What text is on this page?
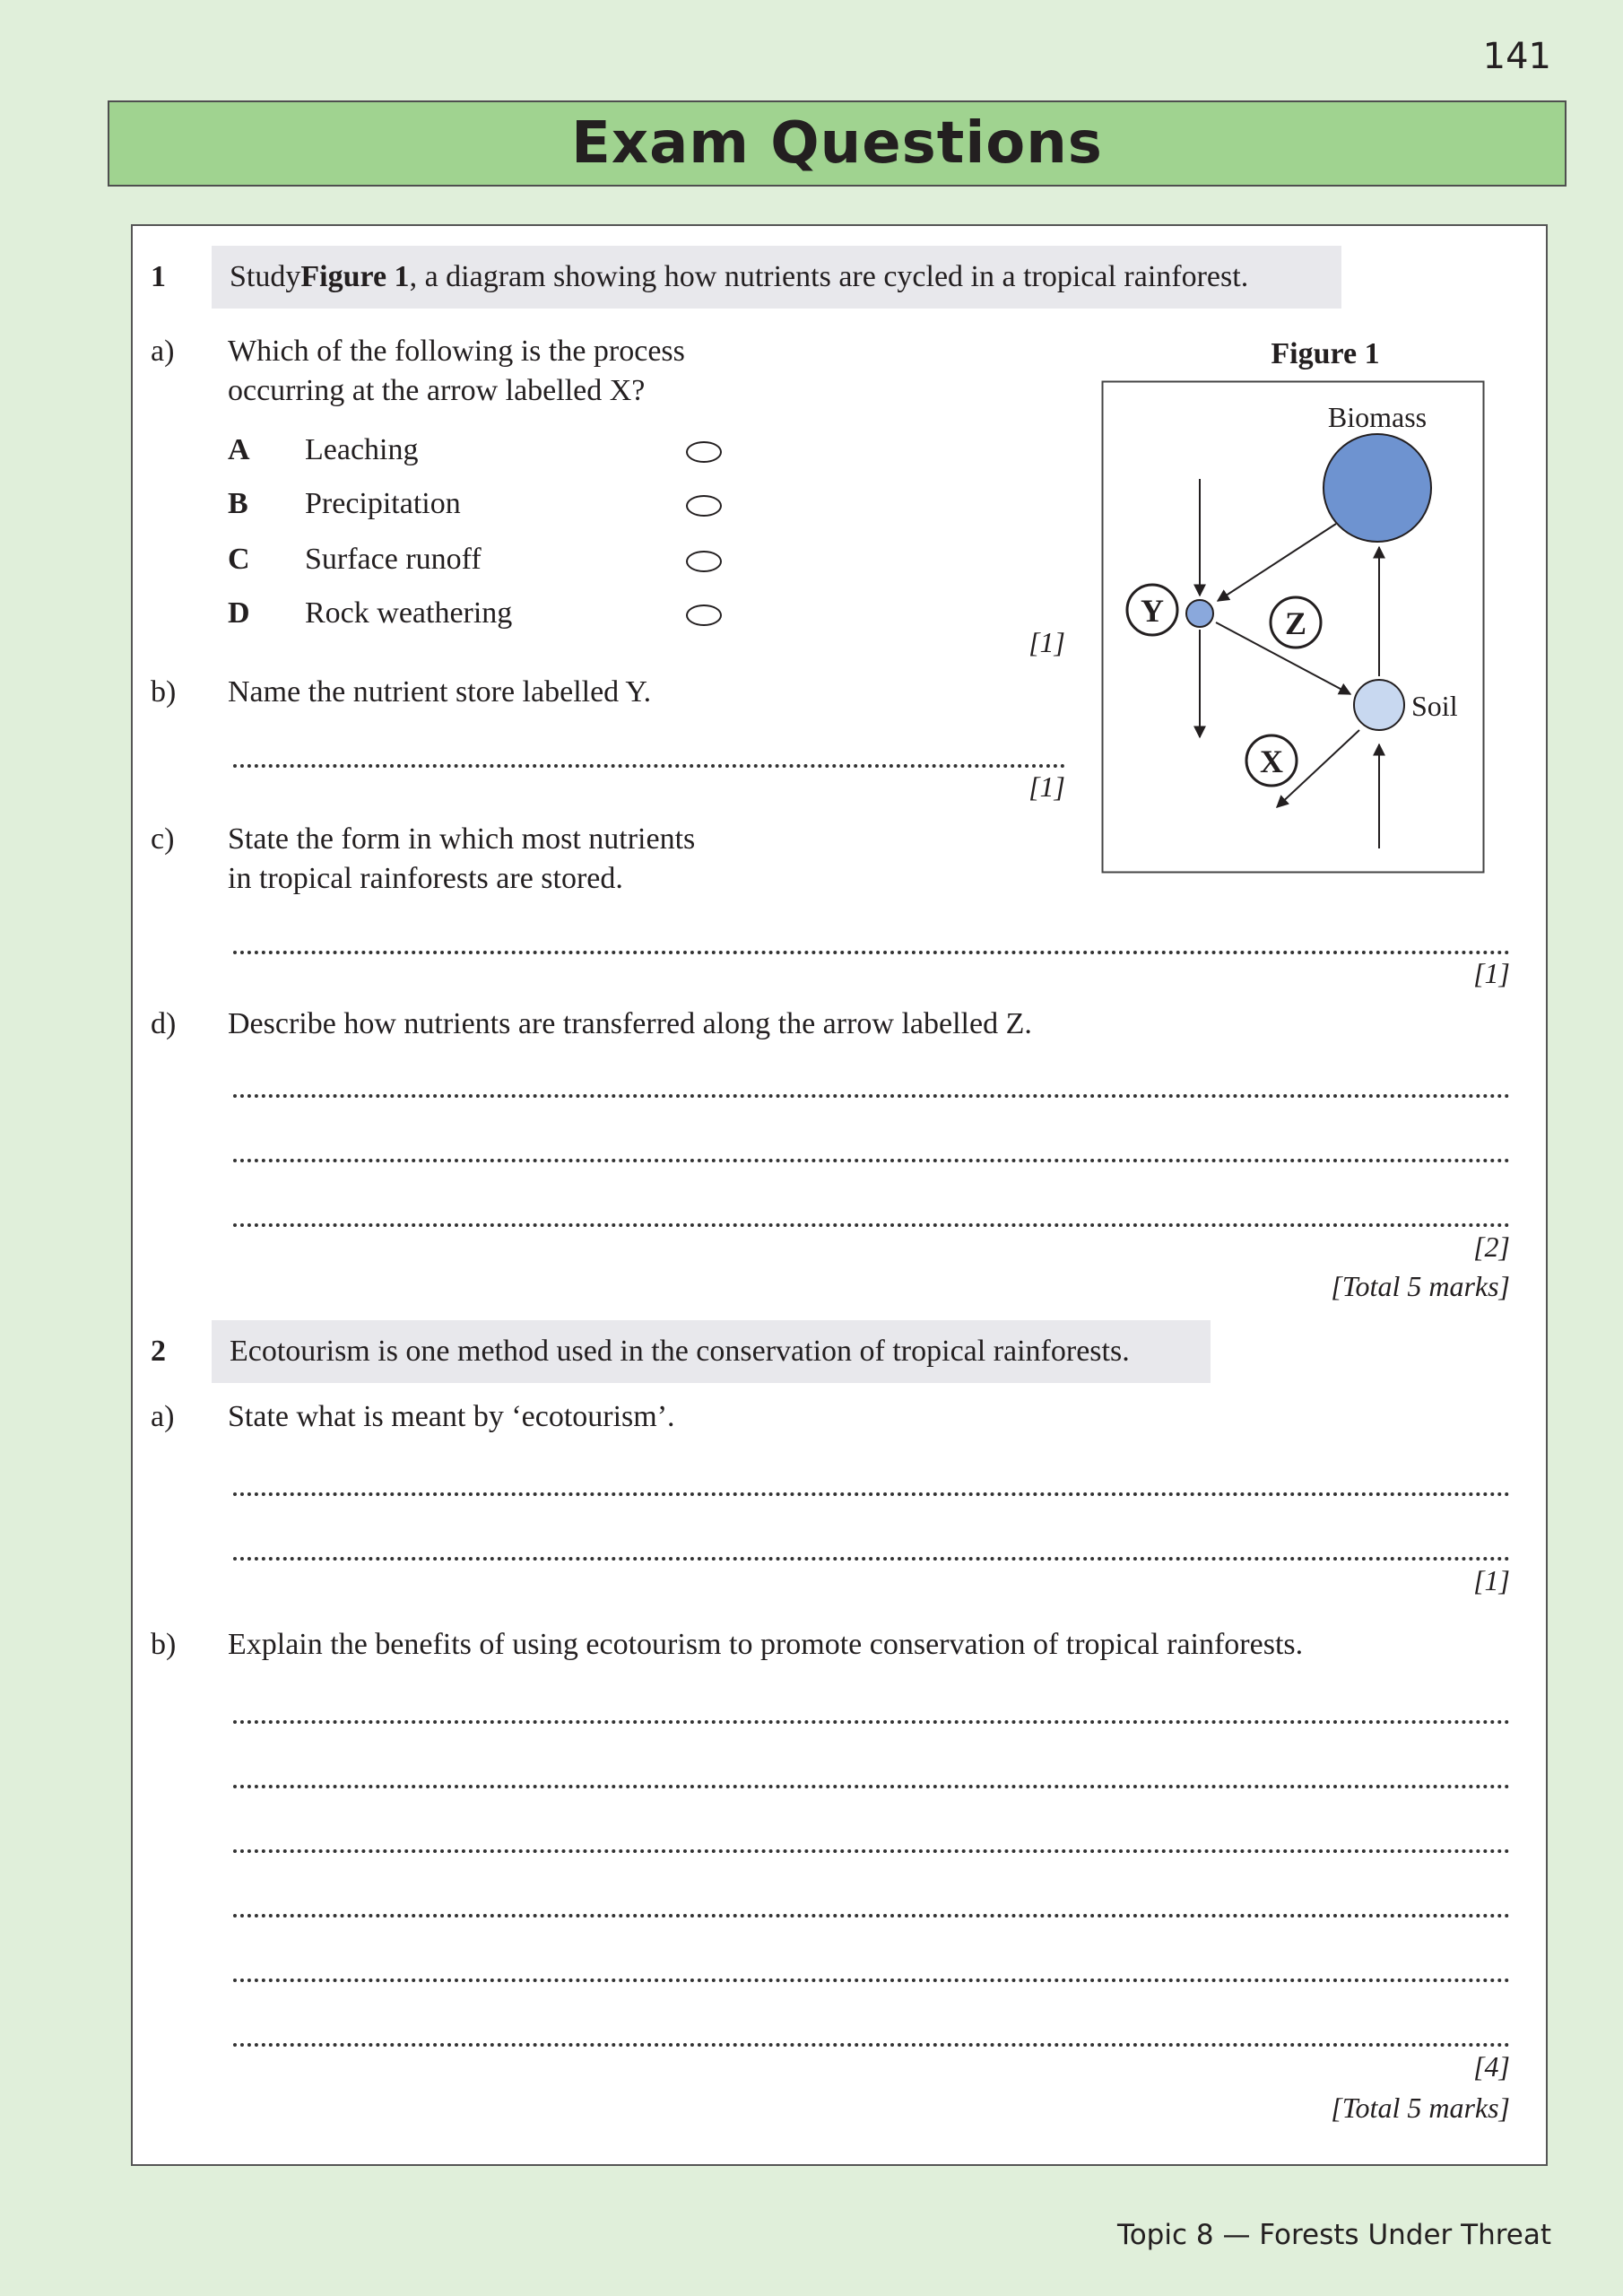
141
Exam Questions
1 Study Figure 1 , a diagram showing how nutrients are cycled in a tropical rainforest.
a) Which of the following is the process
occurring at the arrow labelled X?
A Leaching
B Precipitation
C Surface runoff
D Rock weathering
[1]
b) Name the nutrient store labelled Y.
[1]
Figure 1
Biomass
Soil
Y	Z
X
c) State the form in which most nutrients
in tropical rainforests are stored.
[1]
d) Describe how nutrients are transferred along the arrow labelled Z.
[2]
[Total 5 marks]
2 Ecotourism is one method used in the conservation of tropical rainforests.
a) State what is meant by ‘ecotourism’.
[1]
b) Explain the benefits of using ecotourism to promote conservation of tropical rainforests.
[4]
[Total 5 marks]
Topic 8 — Forests Under Threat
